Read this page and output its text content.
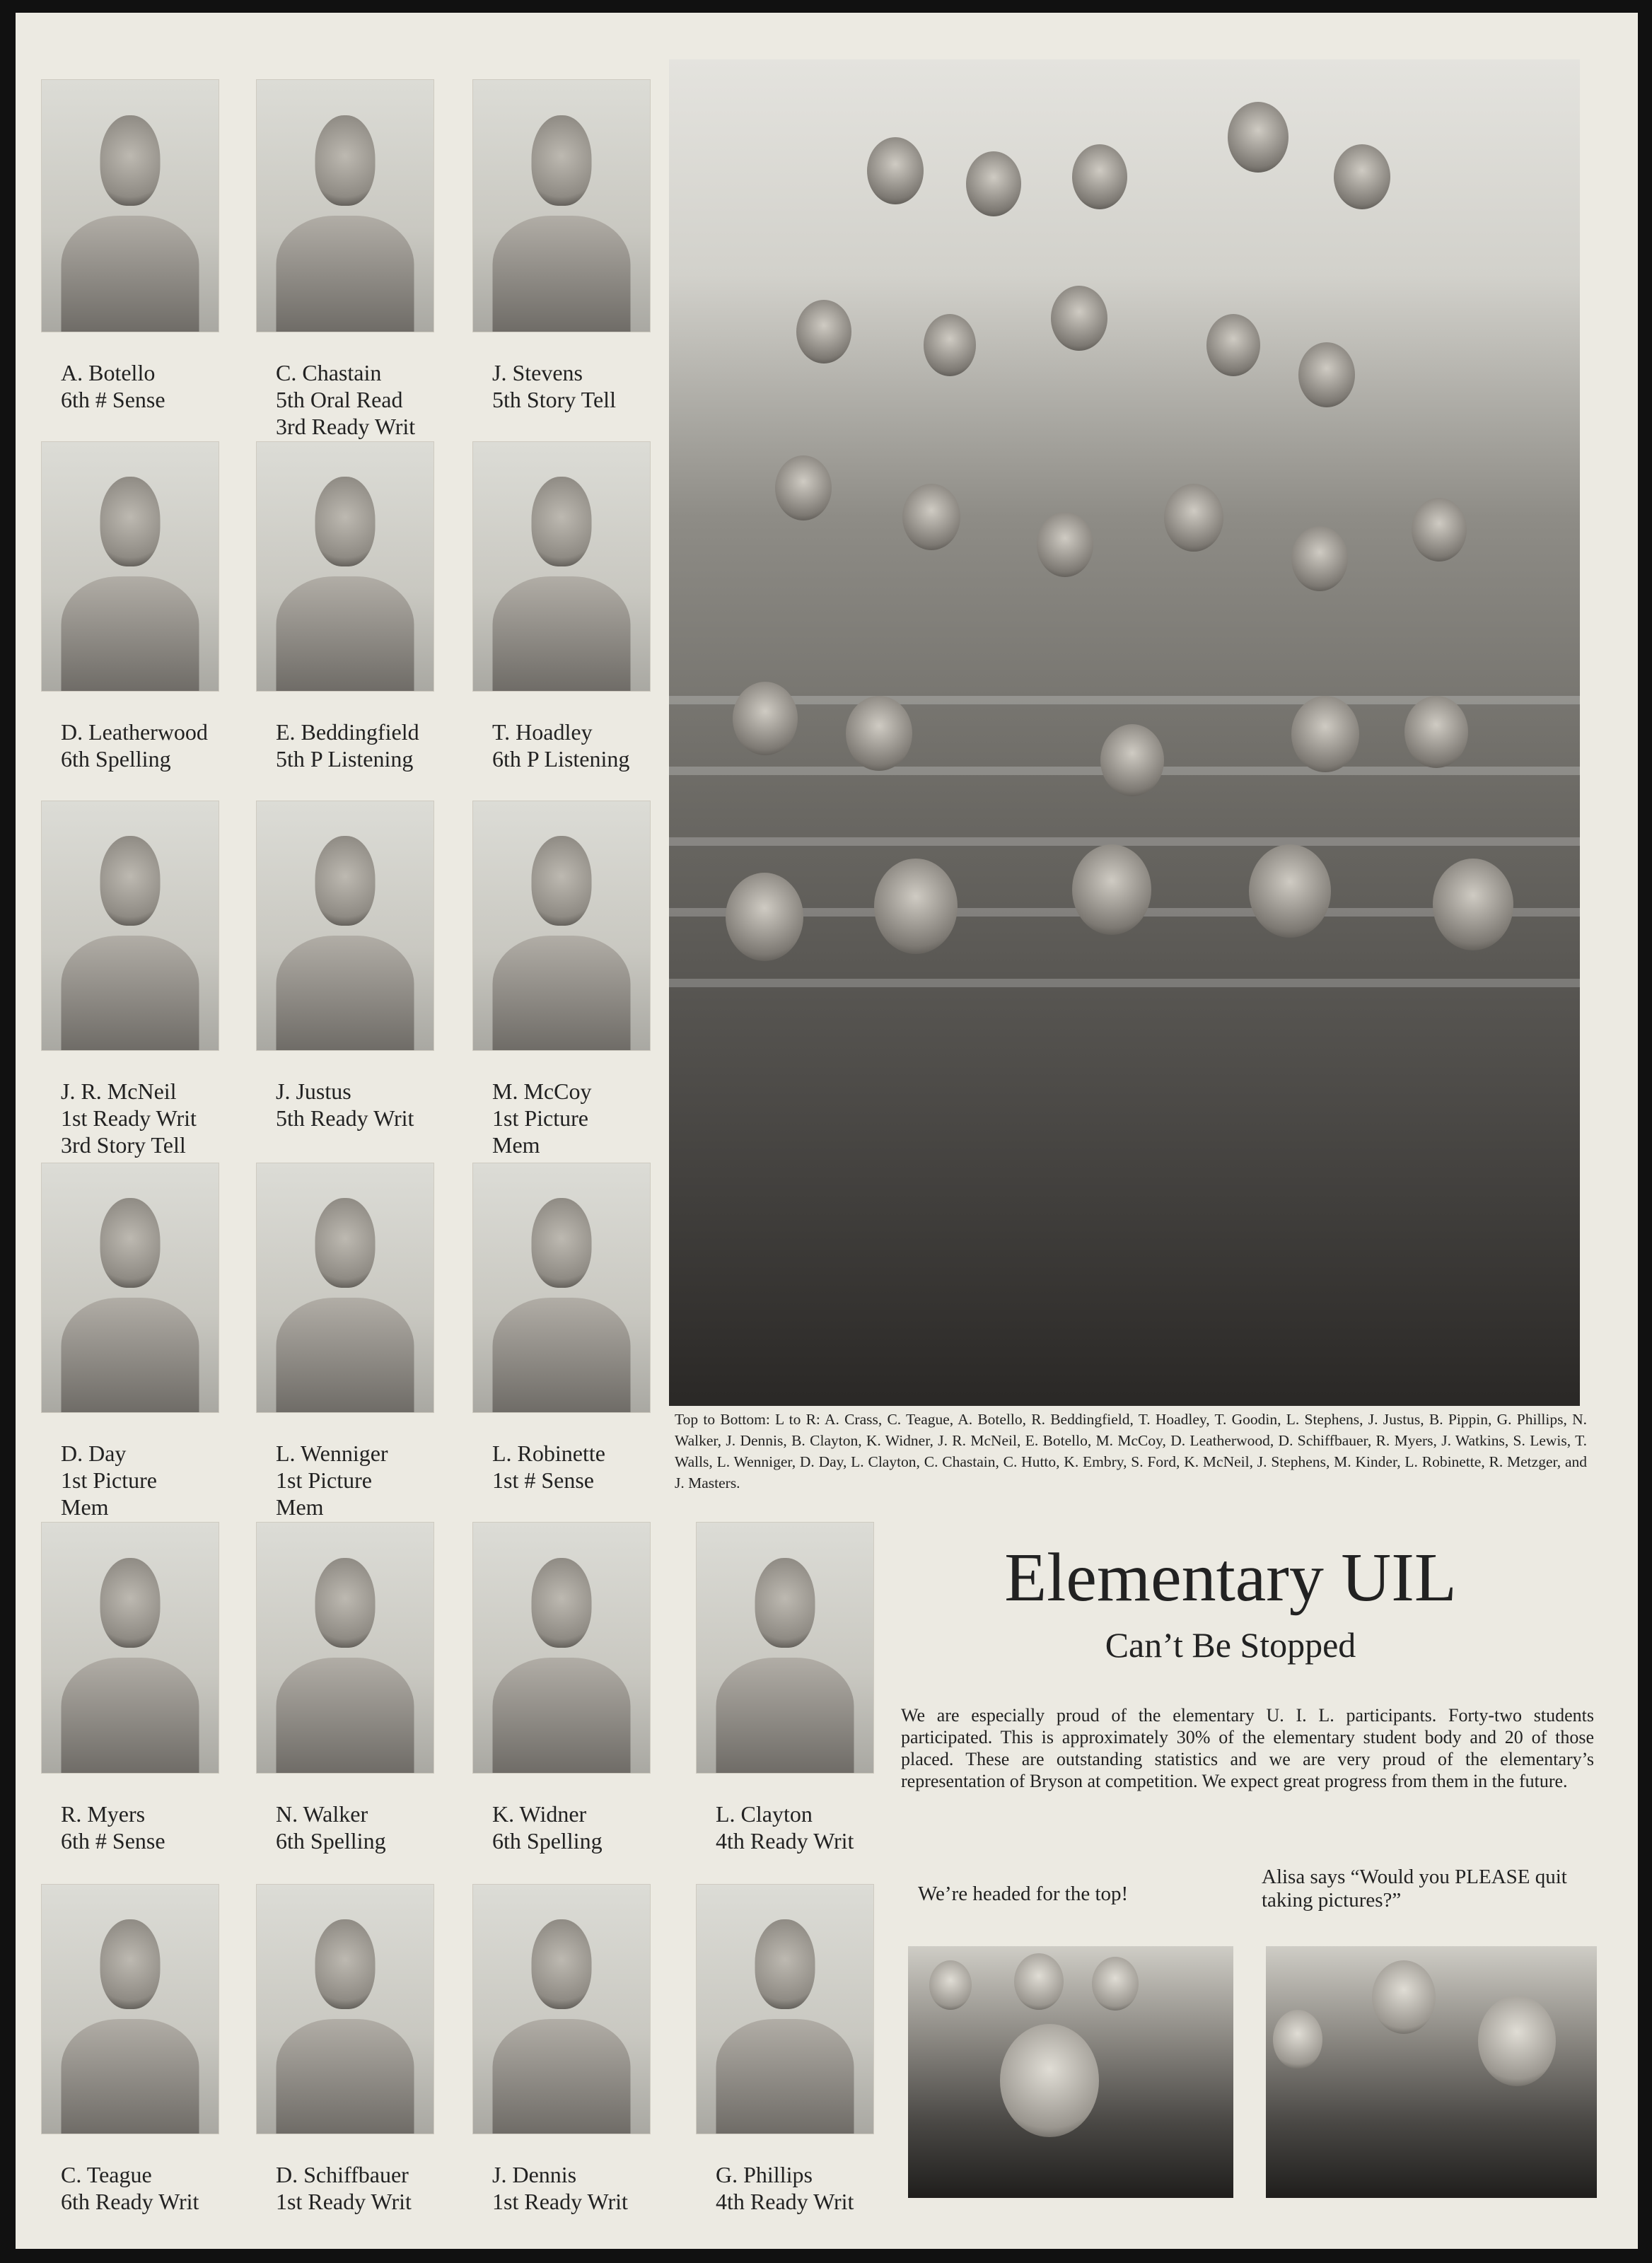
A. Botello
6th # Sense
C. Chastain
5th Oral Read
3rd Ready Writ
J. Stevens
5th Story Tell
D. Leatherwood
6th Spelling
E. Beddingfield
5th P Listening
T. Hoadley
6th P Listening
J. R. McNeil
1st Ready Writ
3rd Story Tell
J. Justus
5th Ready Writ
M. McCoy
1st Picture
Mem
D. Day
1st Picture
Mem
L. Wenniger
1st Picture
Mem
L. Robinette
1st # Sense
R. Myers
6th # Sense
N. Walker
6th Spelling
K. Widner
6th Spelling
L. Clayton
4th Ready Writ
C. Teague
6th Ready Writ
D. Schiffbauer
1st Ready Writ
J. Dennis
1st Ready Writ
G. Phillips
4th Ready Writ
Top to Bottom: L to R: A. Crass, C. Teague, A. Botello, R. Beddingfield, T. Hoadley, T. Goodin, L. Stephens, J. Justus, B. Pippin, G. Phillips, N. Walker, J. Dennis, B. Clayton, K. Widner, J. R. McNeil, E. Botello, M. McCoy, D. Leatherwood, D. Schiffbauer, R. Myers, J. Watkins, S. Lewis, T. Walls, L. Wenniger, D. Day, L. Clayton, C. Chastain, C. Hutto, K. Embry, S. Ford, K. McNeil, J. Stephens, M. Kinder, L. Robinette, R. Metzger, and J. Masters.
Elementary UIL
Can’t Be Stopped
We are especially proud of the elementary U. I. L. participants. Forty-two students participated. This is approximately 30% of the elementary student body and 20 of those placed. These are outstanding statistics and we are very proud of the elementary’s representation of Bryson at competition. We expect great progress from them in the future.
We’re headed for the top!
Alisa says “Would you PLEASE quit taking pictures?”
